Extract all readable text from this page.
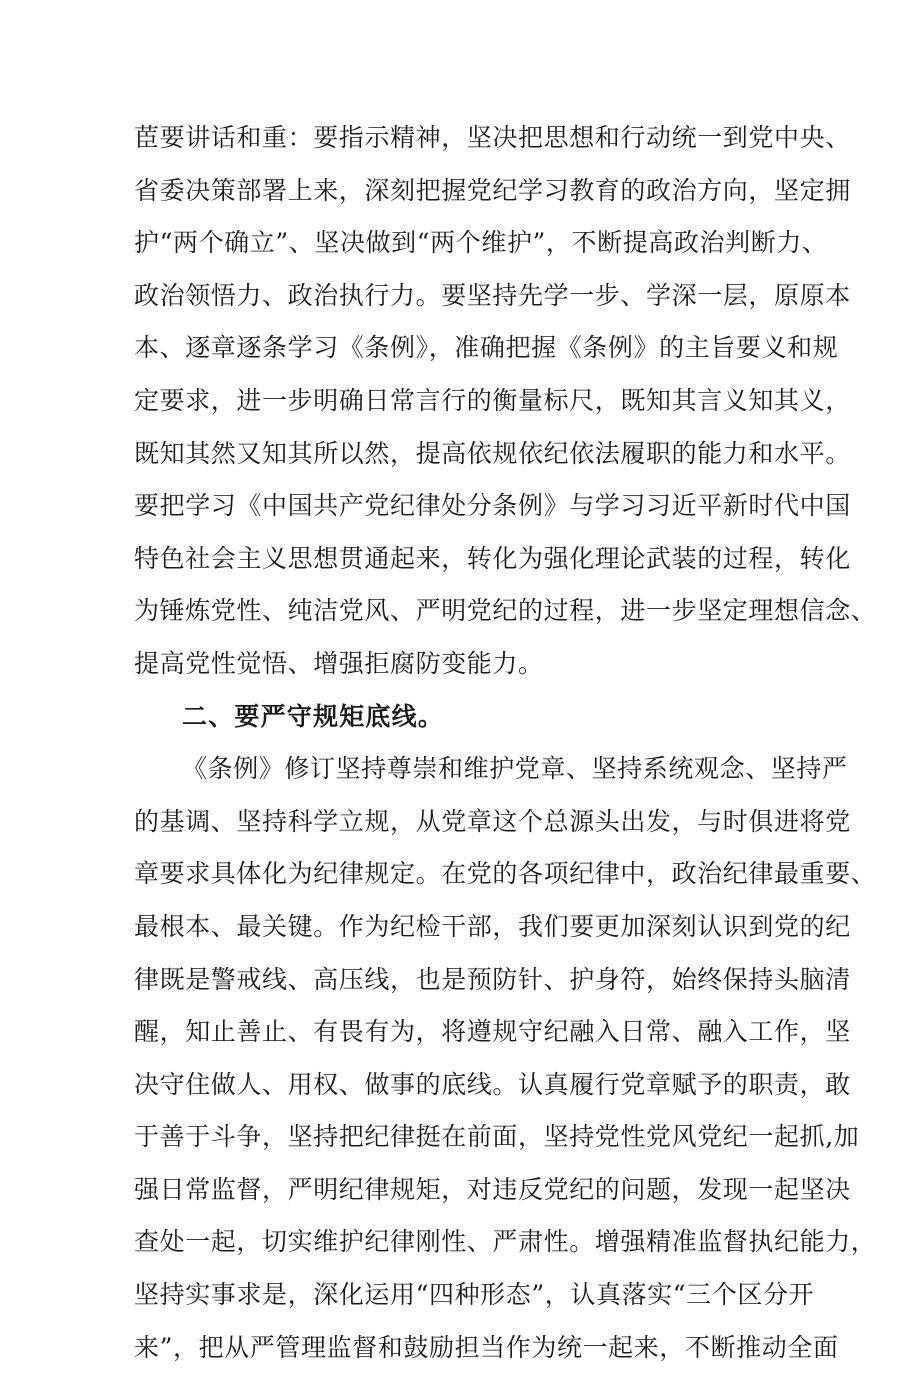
茞要讲话和重：要指示精神，坚决把思想和行动统一到党中央、
省委决策部署上来，深刻把握党纪学习教育的政治方向，坚定拥
护“两个确立”、坚决做到“两个维护”，不断提高政治判断力、
政治领悟力、政治执行力。要坚持先学一步、学深一层，原原本
本、逐章逐条学习《条例》，准确把握《条例》的主旨要义和规
定要求，进一步明确日常言行的衡量标尺，既知其言义知其义，
既知其然又知其所以然，提高依规依纪依法履职的能力和水平。
要把学习《中国共产党纪律处分条例》与学习习近平新时代中国
特色社会主义思想贯通起来，转化为强化理论武装的过程，转化
为锤炼党性、纯洁党风、严明党纪的过程，进一步坚定理想信念、
提高党性觉悟、增强拒腐防变能力。
二、要严守规矩底线。
《条例》修订坚持尊崇和维护党章、坚持系统观念、坚持严
的基调、坚持科学立规，从党章这个总源头出发，与时俱进将党
章要求具体化为纪律规定。在党的各项纪律中，政治纪律最重要、
最根本、最关键。作为纪检干部，我们要更加深刻认识到党的纪
律既是警戒线、高压线，也是预防针、护身符，始终保持头脑清
醒，知止善止、有畏有为，将遵规守纪融入日常、融入工作，坚
决守住做人、用权、做事的底线。认真履行党章赋予的职责，敢
于善于斗争，坚持把纪律挺在前面，坚持党性党风党纪一起抓,加
强日常监督，严明纪律规矩，对违反党纪的问题，发现一起坚决
查处一起，切实维护纪律刚性、严肃性。增强精准监督执纪能力，
坚持实事求是，深化运用“四种形态”，认真落实“三个区分开
来”，把从严管理监督和鼓励担当作为统一起来，不断推动全面
